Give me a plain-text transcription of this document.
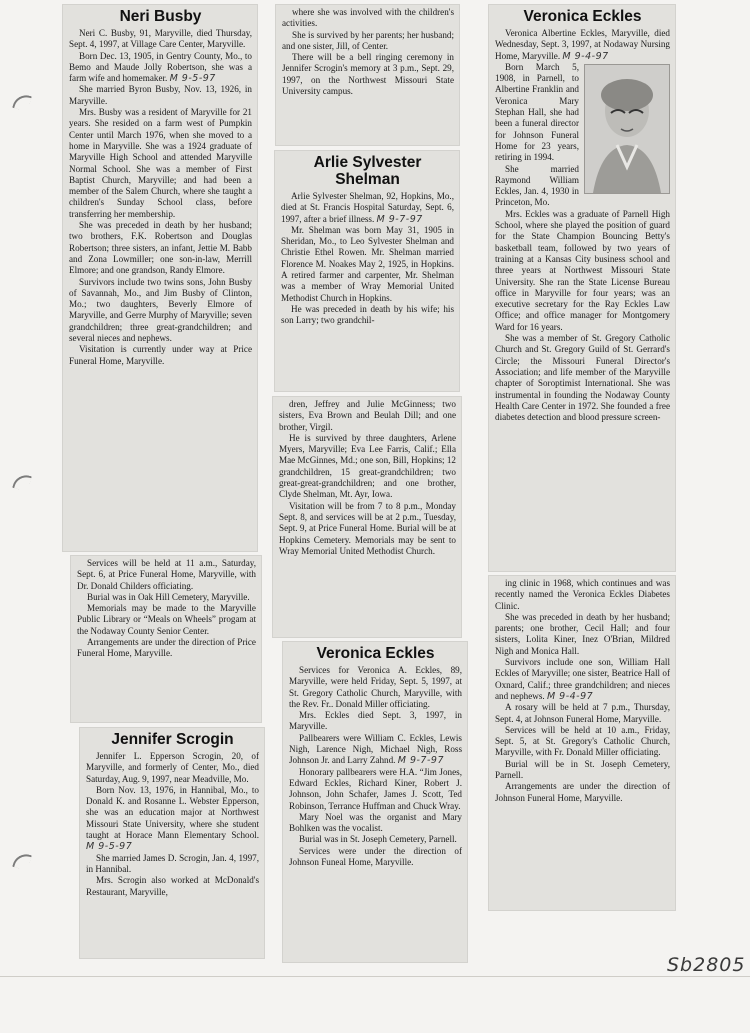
Neri Busby

Neri C. Busby, 91, Maryville, died Thursday, Sept. 4, 1997, at Village Care Center, Maryville.

Born Dec. 13, 1905, in Gentry County, Mo., to Bemo and Maude Jolly Robertson, she was a farm wife and homemaker. M 9-5-97

She married Byron Busby, Nov. 13, 1926, in Maryville.

Mrs. Busby was a resident of Maryville for 21 years. She resided on a farm west of Pumpkin Center until March 1976, when she moved to a home in Maryville. She was a 1924 graduate of Maryville High School and attended Maryville Normal School. She was a member of First Baptist Church, Maryville; and had been a member of the Salem Church, where she taught a children's Sunday School class, before transferring her membership.

She was preceded in death by her husband; two brothers, F.K. Robertson and Douglas Robertson; three sisters, an infant, Jettie M. Babb and Zona Lowmiller; one son-in-law, Merrill Elmore; and one grandson, Randy Elmore.

Survivors include two twins sons, John Busby of Savannah, Mo., and Jim Busby of Clinton, Mo.; two daughters, Beverly Elmore of Maryville, and Gerre Murphy of Maryville; seven grandchildren; three great-grandchildren; and several nieces and nephews.

Visitation is currently under way at Price Funeral Home, Maryville.

Services will be held at 11 a.m., Saturday, Sept. 6, at Price Funeral Home, Maryville, with Dr. Donald Childers officiating.

Burial was in Oak Hill Cemetery, Maryville.

Memorials may be made to the Maryville Public Library or “Meals on Wheels” progam at the Nodaway County Senior Center.

Arrangements are under the direction of Price Funeral Home, Maryville.

Jennifer Scrogin

Jennifer L. Epperson Scrogin, 20, of Maryville, and formerly of Center, Mo., died Saturday, Aug. 9, 1997, near Meadville, Mo.

Born Nov. 13, 1976, in Hannibal, Mo., to Donald K. and Rosanne L. Webster Epperson, she was an education major at Northwest Missouri State University, where she student taught at Horace Mann Elementary School. M 9-5-97

She married James D. Scrogin, Jan. 4, 1997, in Hannibal.

Mrs. Scrogin also worked at McDonald's Restaurant, Maryville,

where she was involved with the children's activities.

She is survived by her parents; her husband; and one sister, Jill, of Center.

There will be a bell ringing ceremony in Jennifer Scrogin's memory at 3 p.m., Sept. 29, 1997, on the Northwest Missouri State University campus.

Arlie Sylvester Shelman

Arlie Sylvester Shelman, 92, Hopkins, Mo., died at St. Francis Hospital Saturday, Sept. 6, 1997, after a brief illness. M 9-7-97

Mr. Shelman was born May 31, 1905 in Sheridan, Mo., to Leo Sylvester Shelman and Christie Ethel Rowen. Mr. Shelman married Florence M. Noakes May 2, 1925, in Hopkins. A retired farmer and carpenter, Mr. Shelman was a member of Wray Memorial United Methodist Church in Hopkins.

He was preceded in death by his wife; his son Larry; two grandchil-

dren, Jeffrey and Julie McGinness; two sisters, Eva Brown and Beulah Dill; and one brother, Virgil.

He is survived by three daughters, Arlene Myers, Maryville; Eva Lee Farris, Calif.; Ella Mae McGinnes, Md.; one son, Bill, Hopkins; 12 grandchildren, 15 great-grandchildren; two great-great-grandchildren; and one brother, Clyde Shelman, Mt. Ayr, Iowa.

Visitation will be from 7 to 8 p.m., Monday Sept. 8, and services will be at 2 p.m., Tuesday, Sept. 9, at Price Funeral Home. Burial will be at Hopkins Cemetery. Memorials may be sent to Wray Memorial United Methodist Church.

Veronica Eckles

Services for Veronica A. Eckles, 89, Maryville, were held Friday, Sept. 5, 1997, at St. Gregory Catholic Church, Maryville, with the Rev. Fr.. Donald Miller officiating.

Mrs. Eckles died Sept. 3, 1997, in Maryville.

Pallbearers were William C. Eckles, Lewis Nigh, Larence Nigh, Michael Nigh, Ross Johnson Jr. and Larry Zahnd. M 9-7-97

Honorary pallbearers were H.A. “Jim Jones, Edward Eckles, Richard Kiner, Robert J. Johnson, John Schafer, James J. Scott, Ted Robinson, Terrance Huffman and Chuck Wray.

Mary Noel was the organist and Mary Bohlken was the vocalist.

Burial was in St. Joseph Cemetery, Parnell.

Services were under the direction of Johnson Funeal Home, Maryville.

Veronica Eckles

Veronica Albertine Eckles, Maryville, died Wednesday, Sept. 3, 1997, at Nodaway Nursing Home, Maryville. M 9-4-97

Born March 5, 1908, in Parnell, to Albertine Franklin and Veronica Mary Stephan Hall, she had been a funeral director for Johnson Funeral Home for 23 years, retiring in 1994.

She married Raymond William Eckles, Jan. 4, 1930 in Princeton, Mo.

Mrs. Eckles was a graduate of Parnell High School, where she played the position of guard for the State Champion Bouncing Betty's basketball team, followed by two years of training at a Kansas City business school and three years at Northwest Missouri State University. She ran the State License Bureau office in Maryville for four years; was an executive secretary for the Ray Eckles Law Office; and office manager for Montgomery Ward for 16 years.

She was a member of St. Gregory Catholic Church and St. Gregory Guild of St. Gerrard's Circle; the Missouri Funeral Director's Association; and life member of the Maryville chapter of Soroptimist International. She was instrumental in founding the Nodaway County Health Care Center in 1972. She founded a free diabetes detection and blood pressure screen-

ing clinic in 1968, which continues and was recently named the Veronica Eckles Diabetes Clinic.

She was preceded in death by her husband; parents; one brother, Cecil Hall; and four sisters, Lolita Kiner, Inez O'Brian, Mildred Nigh and Monica Hall.

Survivors include one son, William Hall Eckles of Maryville; one sister, Beatrice Hall of Oxnard, Calif.; three grandchildren; and nieces and nephews. M 9-4-97

A rosary will be held at 7 p.m., Thursday, Sept. 4, at Johnson Funeral Home, Maryville.

Services will be held at 10 a.m., Friday, Sept. 5, at St. Gregory's Catholic Church, Maryville, with Fr. Donald Miller officiating.

Burial will be in St. Joseph Cemetery, Parnell.

Arrangements are under the direction of Johnson Funeral Home, Maryville.

Sb2805
